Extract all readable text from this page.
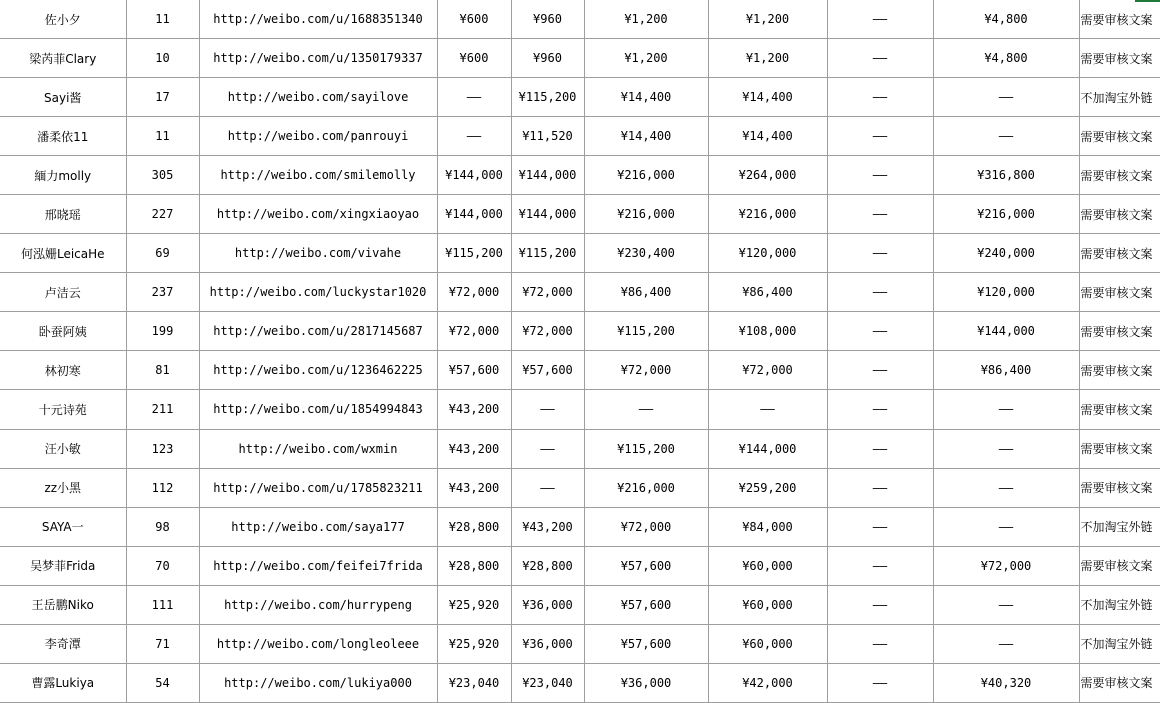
佐小夕	11	http://weibo.com/u/1688351340	¥600	¥960	¥1,200	¥1,200	——	¥4,800	需要审核文案
梁芮菲Clary	10	http://weibo.com/u/1350179337	¥600	¥960	¥1,200	¥1,200	——	¥4,800	需要审核文案
Sayi酱	17	http://weibo.com/sayilove	——	¥115,200	¥14,400	¥14,400	——	——	不加淘宝外链
潘柔依11	11	http://weibo.com/panrouyi	——	¥11,520	¥14,400	¥14,400	——	——	需要审核文案
緬力molly	305	http://weibo.com/smilemolly	¥144,000	¥144,000	¥216,000	¥264,000	——	¥316,800	需要审核文案
邢晓瑶	227	http://weibo.com/xingxiaoyao	¥144,000	¥144,000	¥216,000	¥216,000	——	¥216,000	需要审核文案
何泓姗LeicaHe	69	http://weibo.com/vivahe	¥115,200	¥115,200	¥230,400	¥120,000	——	¥240,000	需要审核文案
卢洁云	237	http://weibo.com/luckystar1020	¥72,000	¥72,000	¥86,400	¥86,400	——	¥120,000	需要审核文案
卧蚕阿姨	199	http://weibo.com/u/2817145687	¥72,000	¥72,000	¥115,200	¥108,000	——	¥144,000	需要审核文案
林初寒	81	http://weibo.com/u/1236462225	¥57,600	¥57,600	¥72,000	¥72,000	——	¥86,400	需要审核文案
十元诗苑	211	http://weibo.com/u/1854994843	¥43,200	——	——	——	——	——	需要审核文案
汪小敏	123	http://weibo.com/wxmin	¥43,200	——	¥115,200	¥144,000	——	——	需要审核文案
zz小黑	112	http://weibo.com/u/1785823211	¥43,200	——	¥216,000	¥259,200	——	——	需要审核文案
SAYA一	98	http://weibo.com/saya177	¥28,800	¥43,200	¥72,000	¥84,000	——	——	不加淘宝外链
吴梦菲Frida	70	http://weibo.com/feifei7frida	¥28,800	¥28,800	¥57,600	¥60,000	——	¥72,000	需要审核文案
王岳鹏Niko	111	http://weibo.com/hurrypeng	¥25,920	¥36,000	¥57,600	¥60,000	——	——	不加淘宝外链
李奇潭	71	http://weibo.com/longleoleee	¥25,920	¥36,000	¥57,600	¥60,000	——	——	不加淘宝外链
曹露Lukiya	54	http://weibo.com/lukiya000	¥23,040	¥23,040	¥36,000	¥42,000	——	¥40,320	需要审核文案
